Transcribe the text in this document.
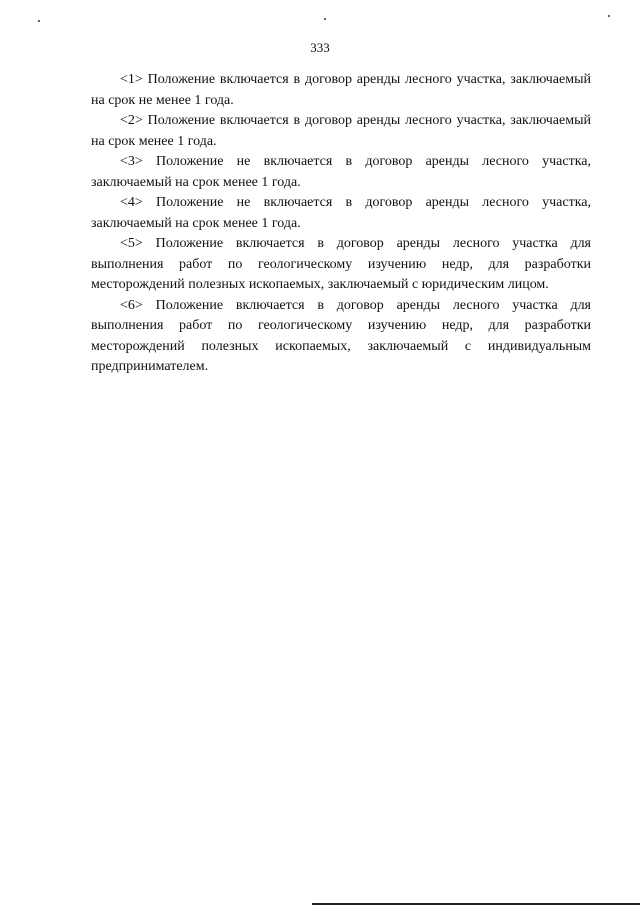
333

<1> Положение включается в договор аренды лесного участка, заключаемый на срок не менее 1 года.

<2> Положение включается в договор аренды лесного участка, заключаемый на срок менее 1 года.

<3> Положение не включается в договор аренды лесного участка, заключаемый на срок менее 1 года.

<4> Положение не включается в договор аренды лесного участка, заключаемый на срок менее 1 года.

<5> Положение включается в договор аренды лесного участка для выполнения работ по геологическому изучению недр, для разработки месторождений полезных ископаемых, заключаемый с юридическим лицом.

<6> Положение включается в договор аренды лесного участка для выполнения работ по геологическому изучению недр, для разработки месторождений полезных ископаемых, заключаемый с индивидуальным предпринимателем.
